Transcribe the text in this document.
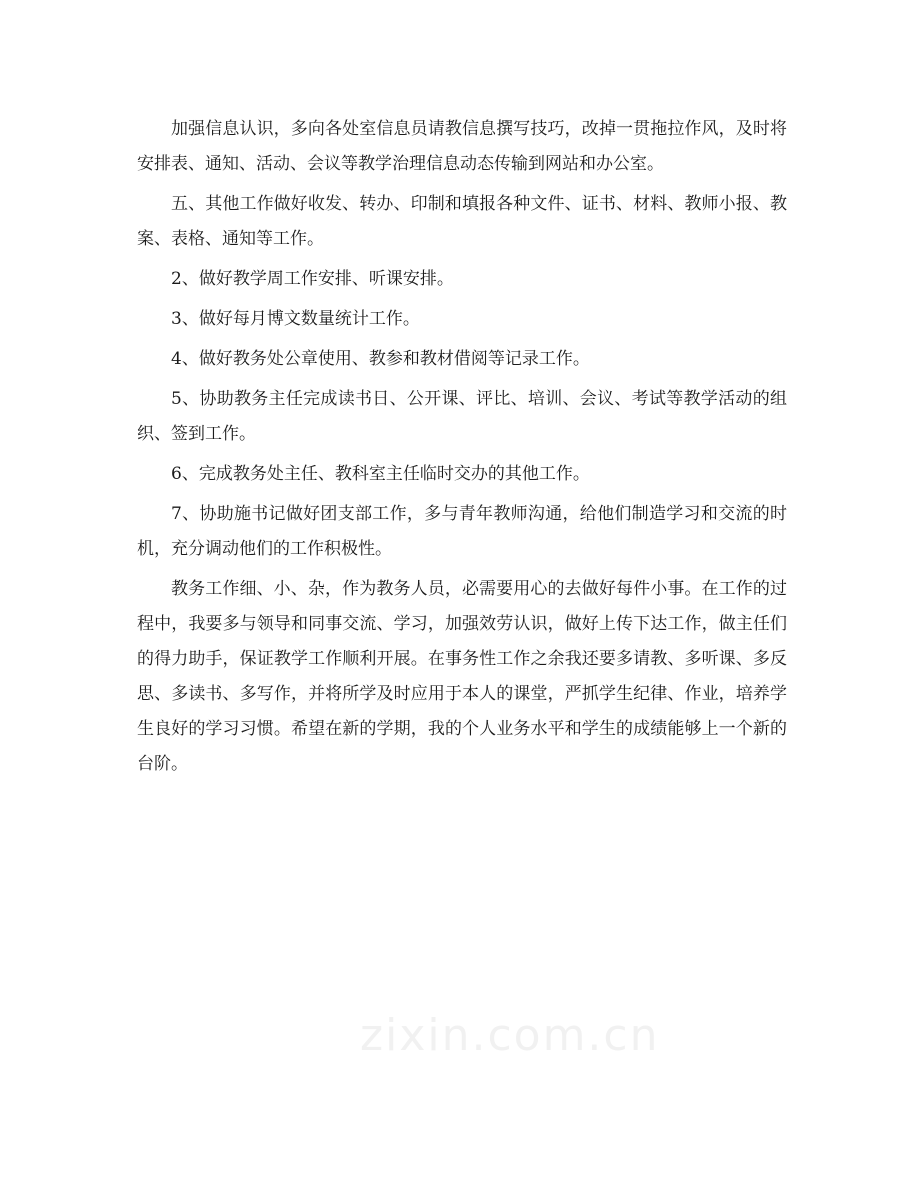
加强信息认识，多向各处室信息员请教信息撰写技巧，改掉一贯拖拉作风，及时将安排表、通知、活动、会议等教学治理信息动态传输到网站和办公室。

五、其他工作做好收发、转办、印制和填报各种文件、证书、材料、教师小报、教案、表格、通知等工作。

2、做好教学周工作安排、听课安排。

3、做好每月博文数量统计工作。

4、做好教务处公章使用、教参和教材借阅等记录工作。

5、协助教务主任完成读书日、公开课、评比、培训、会议、考试等教学活动的组织、签到工作。

6、完成教务处主任、教科室主任临时交办的其他工作。

7、协助施书记做好团支部工作，多与青年教师沟通，给他们制造学习和交流的时机，充分调动他们的工作积极性。

教务工作细、小、杂，作为教务人员，必需要用心的去做好每件小事。在工作的过程中，我要多与领导和同事交流、学习，加强效劳认识，做好上传下达工作，做主任们的得力助手，保证教学工作顺利开展。在事务性工作之余我还要多请教、多听课、多反思、多读书、多写作，并将所学及时应用于本人的课堂，严抓学生纪律、作业，培养学生良好的学习习惯。希望在新的学期，我的个人业务水平和学生的成绩能够上一个新的台阶。

zixin.com.cn
